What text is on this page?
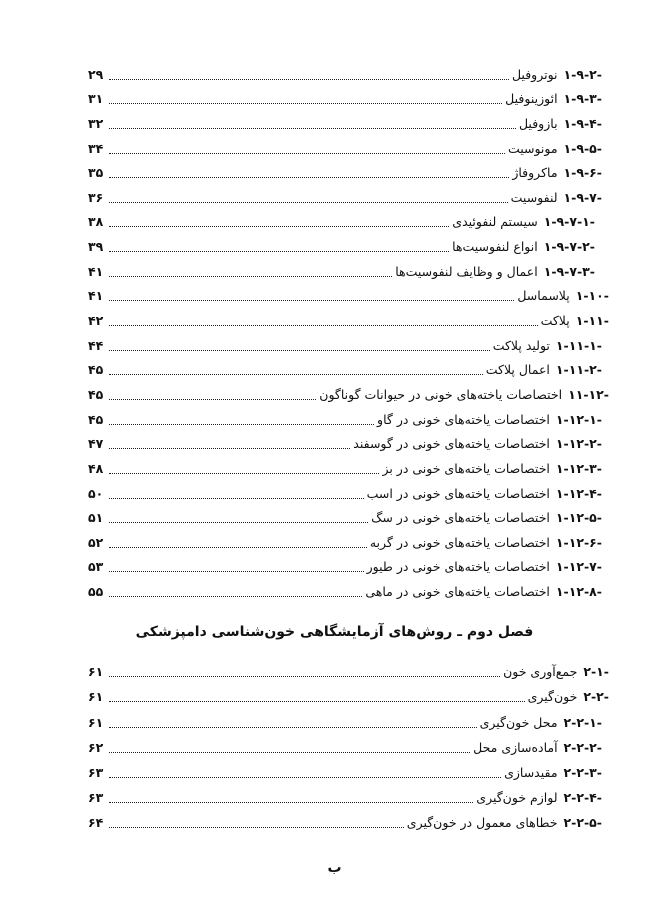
۱-۹-۲-
نوتروفیل
۲۹
۱-۹-۳-
ائوزینوفیل
۳۱
۱-۹-۴-
بازوفیل
۳۲
۱-۹-۵-
مونوسیت
۳۴
۱-۹-۶-
ماکروفاژ
۳۵
۱-۹-۷-
لنفوسیت
۳۶
۱-۹-۷-۱-
سیستم لنفوئیدی
۳۸
۱-۹-۷-۲-
انواع لنفوسیت‌ها
۳۹
۱-۹-۷-۳-
اعمال و وظایف لنفوسیت‌ها
۴۱
۱-۱۰-
پلاسماسل
۴۱
۱-۱۱-
پلاکت
۴۲
۱-۱۱-۱-
تولید پلاکت
۴۴
۱-۱۱-۲-
اعمال پلاکت
۴۵
۱۱-۱۲-
اختصاصات یاخته‌های خونی در حیوانات گوناگون
۴۵
۱-۱۲-۱-
اختصاصات یاخته‌های خونی در گاو
۴۵
۱-۱۲-۲-
اختصاصات یاخته‌های خونی در گوسفند
۴۷
۱-۱۲-۳-
اختصاصات یاخته‌های خونی در بز
۴۸
۱-۱۲-۴-
اختصاصات یاخته‌های خونی در اسب
۵۰
۱-۱۲-۵-
اختصاصات یاخته‌های خونی در سگ
۵۱
۱-۱۲-۶-
اختصاصات یاخته‌های خونی در گربه
۵۲
۱-۱۲-۷-
اختصاصات یاخته‌های خونی در طیور
۵۳
۱-۱۲-۸-
اختصاصات یاخته‌های خونی در ماهی
۵۵
فصل دوم ـ روش‌های آزمایشگاهی خون‌شناسی دامپزشکی
۲-۱-
جمع‌آوری خون
۶۱
۲-۲-
خون‌گیری
۶۱
۲-۲-۱-
محل خون‌گیری
۶۱
۲-۲-۲-
آماده‌سازی محل
۶۲
۲-۲-۳-
مقیدسازی
۶۳
۲-۲-۴-
لوازم خون‌گیری
۶۳
۲-۲-۵-
خطاهای معمول در خون‌گیری
۶۴
ب
